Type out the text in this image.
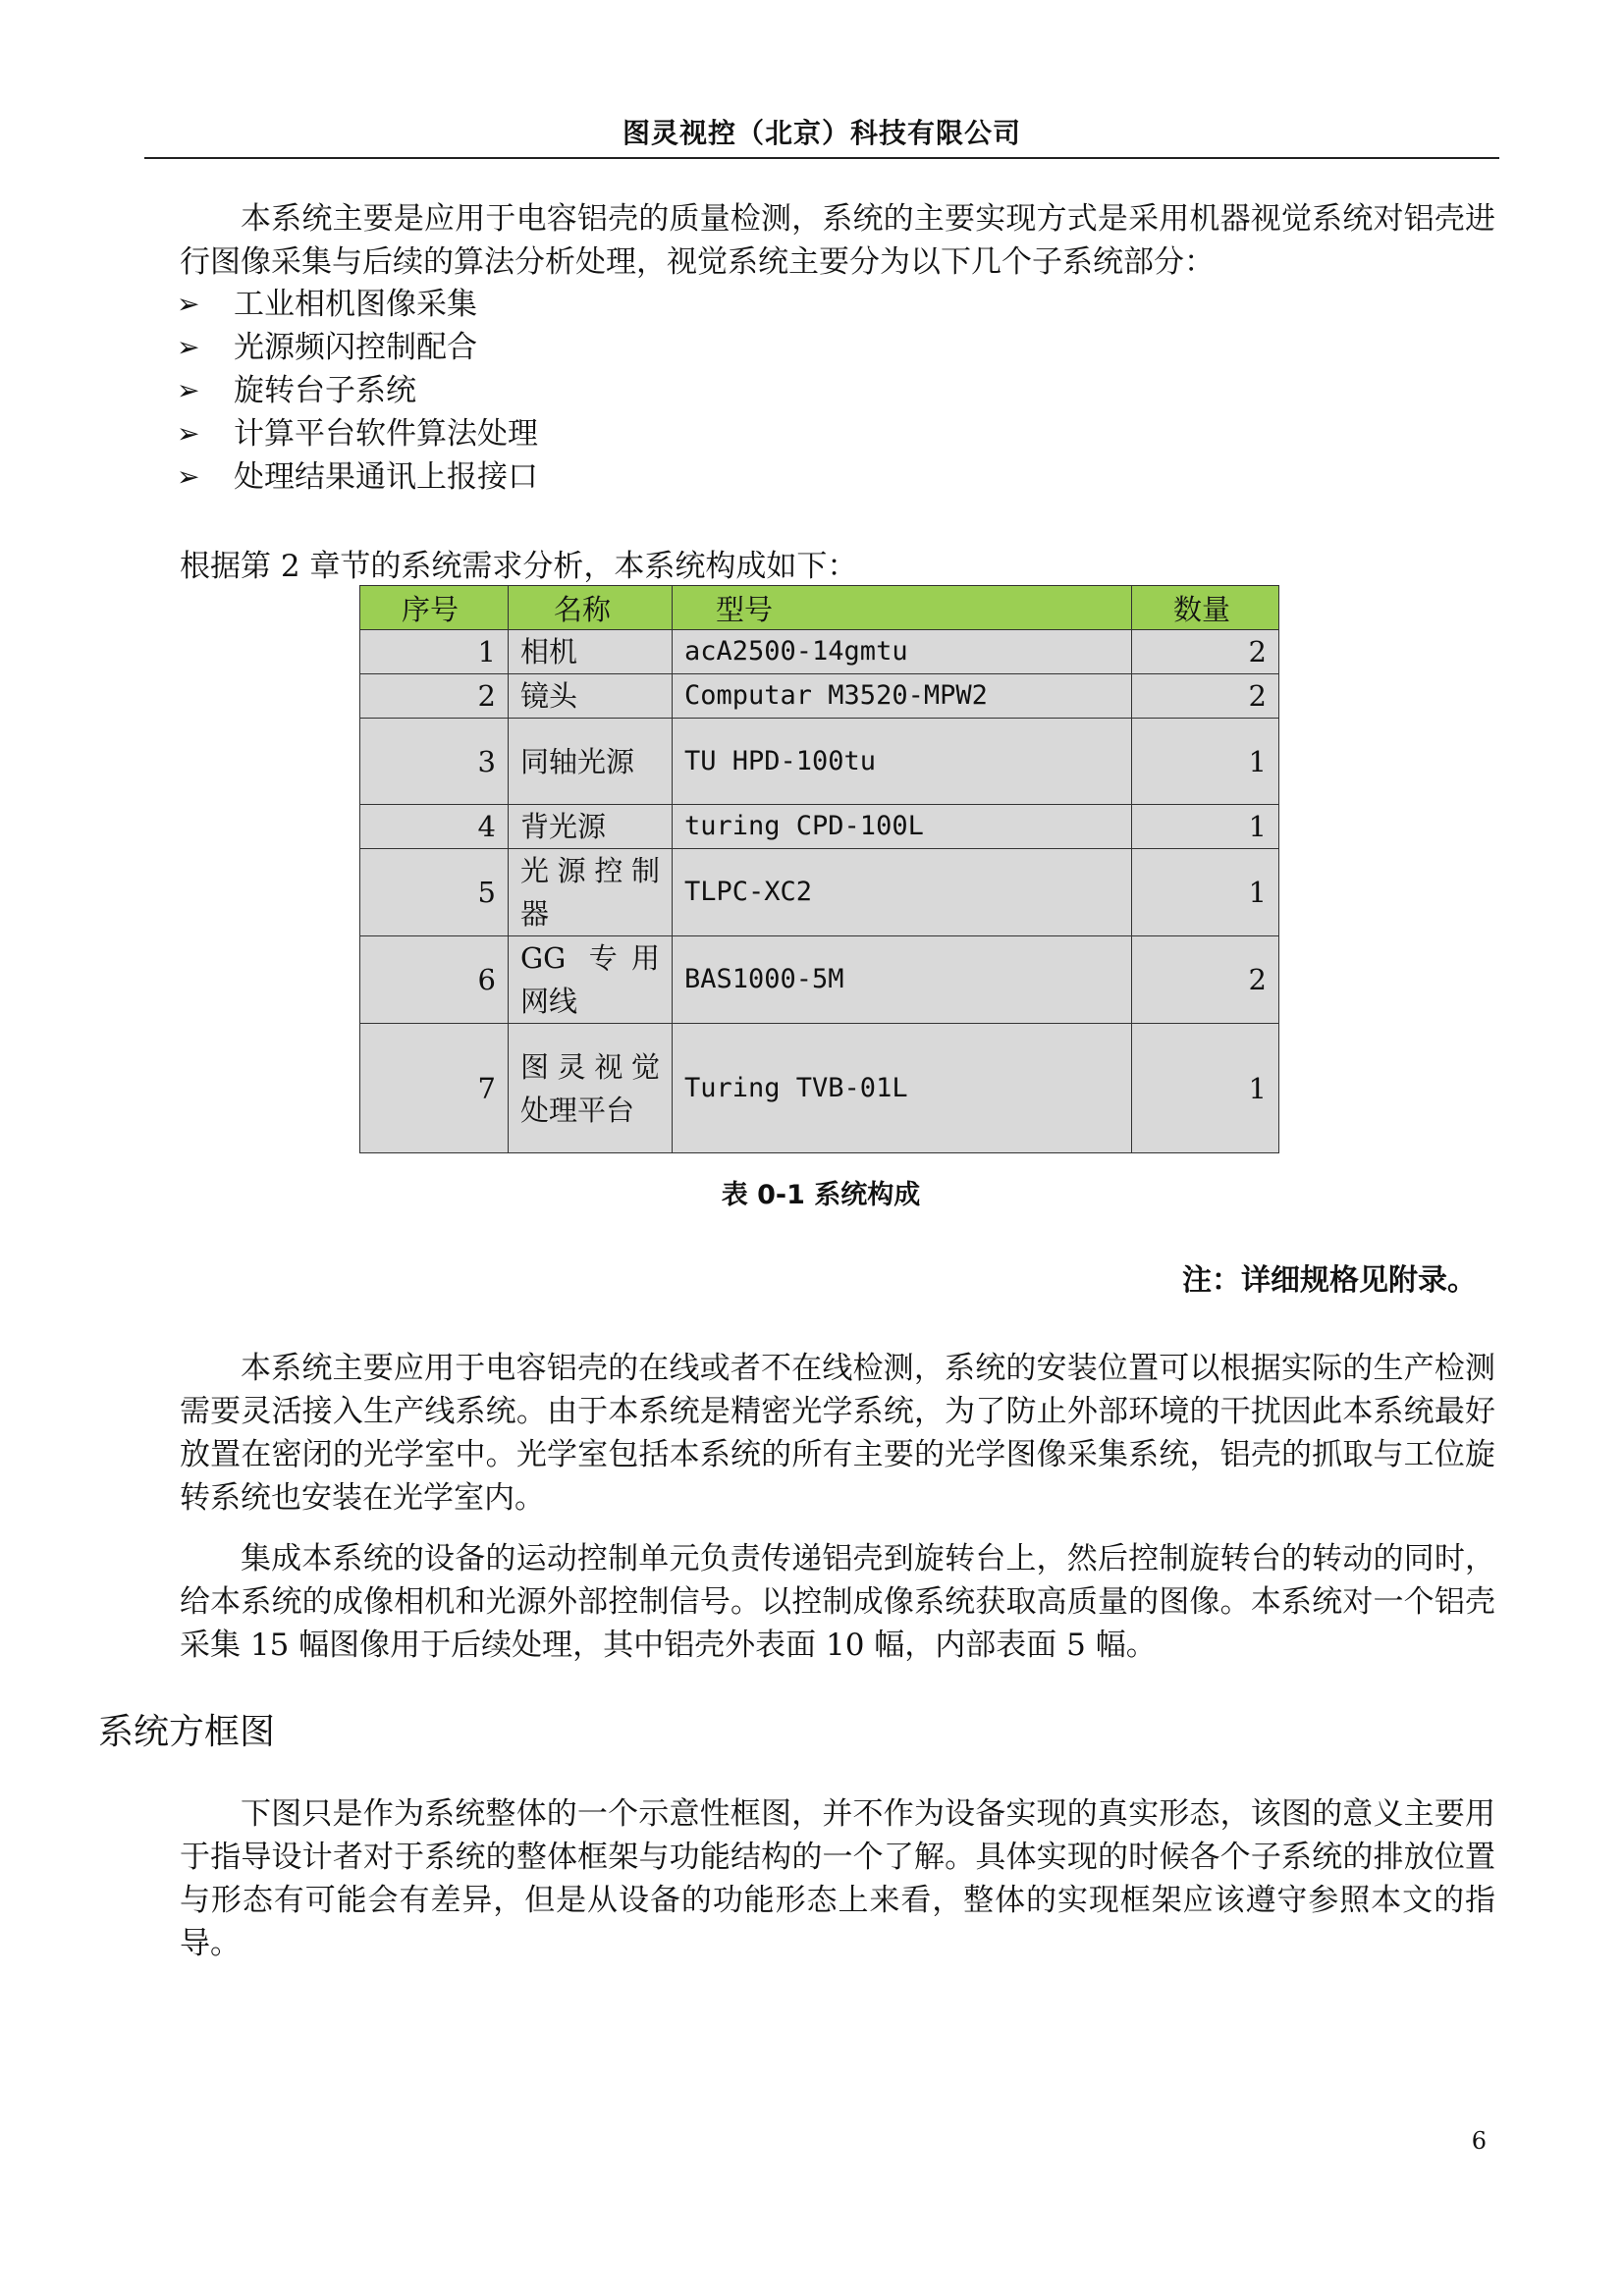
图灵视控（北京）科技有限公司

本系统主要是应用于电容铝壳的质量检测，系统的主要实现方式是采用机器视觉系统对铝壳进行图像采集与后续的算法分析处理，视觉系统主要分为以下几个子系统部分：

➢	工业相机图像采集
➢	光源频闪控制配合
➢	旋转台子系统
➢	计算平台软件算法处理
➢	处理结果通讯上报接口

根据第 2 章节的系统需求分析，本系统构成如下：

序号	名称	型号	数量
1	相机	acA2500-14gmtu	2
2	镜头	Computar M3520-MPW2	2
3	同轴光源	TU HPD-100tu	1
4	背光源	turing CPD-100L	1
5	光源控制器	TLPC-XC2	1
6	GG 专用网线	BAS1000-5M	2
7	图灵视觉处理平台	Turing TVB-01L	1
表 0-1 系统构成
注：详细规格见附录。

本系统主要应用于电容铝壳的在线或者不在线检测，系统的安装位置可以根据实际的生产检测需要灵活接入生产线系统。由于本系统是精密光学系统，为了防止外部环境的干扰因此本系统最好放置在密闭的光学室中。光学室包括本系统的所有主要的光学图像采集系统，铝壳的抓取与工位旋转系统也安装在光学室内。

集成本系统的设备的运动控制单元负责传递铝壳到旋转台上，然后控制旋转台的转动的同时，给本系统的成像相机和光源外部控制信号。以控制成像系统获取高质量的图像。本系统对一个铝壳采集 15 幅图像用于后续处理，其中铝壳外表面 10 幅，内部表面 5 幅。

系统方框图

下图只是作为系统整体的一个示意性框图，并不作为设备实现的真实形态，该图的意义主要用于指导设计者对于系统的整体框架与功能结构的一个了解。具体实现的时候各个子系统的排放位置与形态有可能会有差异，但是从设备的功能形态上来看，整体的实现框架应该遵守参照本文的指导。

6
